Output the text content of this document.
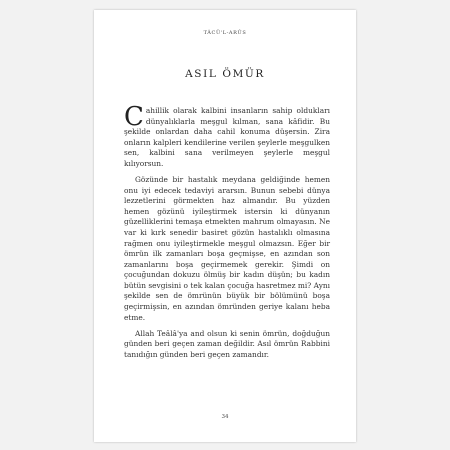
TÂCÜ'L-ARÛS
ASIL ÖMÜR

Cahillik olarak kalbini insanların sahip oldukları dünyalıklarla meşgul kılman, sana kâfidir. Bu şekilde onlardan daha cahil konuma düşersin. Zira onların kalpleri kendilerine verilen şeylerle meşgulken sen, kalbini sana verilmeyen şeylerle meşgul kılıyorsun.

Gözünde bir hastalık meydana geldiğinde hemen onu iyi edecek tedaviyi ararsın. Bunun sebebi dünya lezzetlerini görmekten haz almandır. Bu yüzden hemen gözünü iyileştirmek istersin ki dünyanın güzelliklerini temaşa etmekten mahrum olmayasın. Ne var ki kırk senedir basiret gözün hastalıklı olmasına rağmen onu iyileştirmekle meşgul olmazsın. Eğer bir ömrün ilk zamanları boşa geçmişse, en azından son zamanlarını boşa geçirmemek gerekir. Şimdi on çocuğundan dokuzu ölmüş bir kadın düşün; bu kadın bütün sevgisini o tek kalan çocuğa hasretmez mi? Aynı şekilde sen de ömrünün büyük bir bölümünü boşa geçirmişsin, en azından ömründen geriye kalanı heba etme.

Allah Teâlâ'ya and olsun ki senin ömrün, doğduğun günden beri geçen zaman değildir. Asıl ömrün Rabbini tanıdığın günden beri geçen zamandır.

34
